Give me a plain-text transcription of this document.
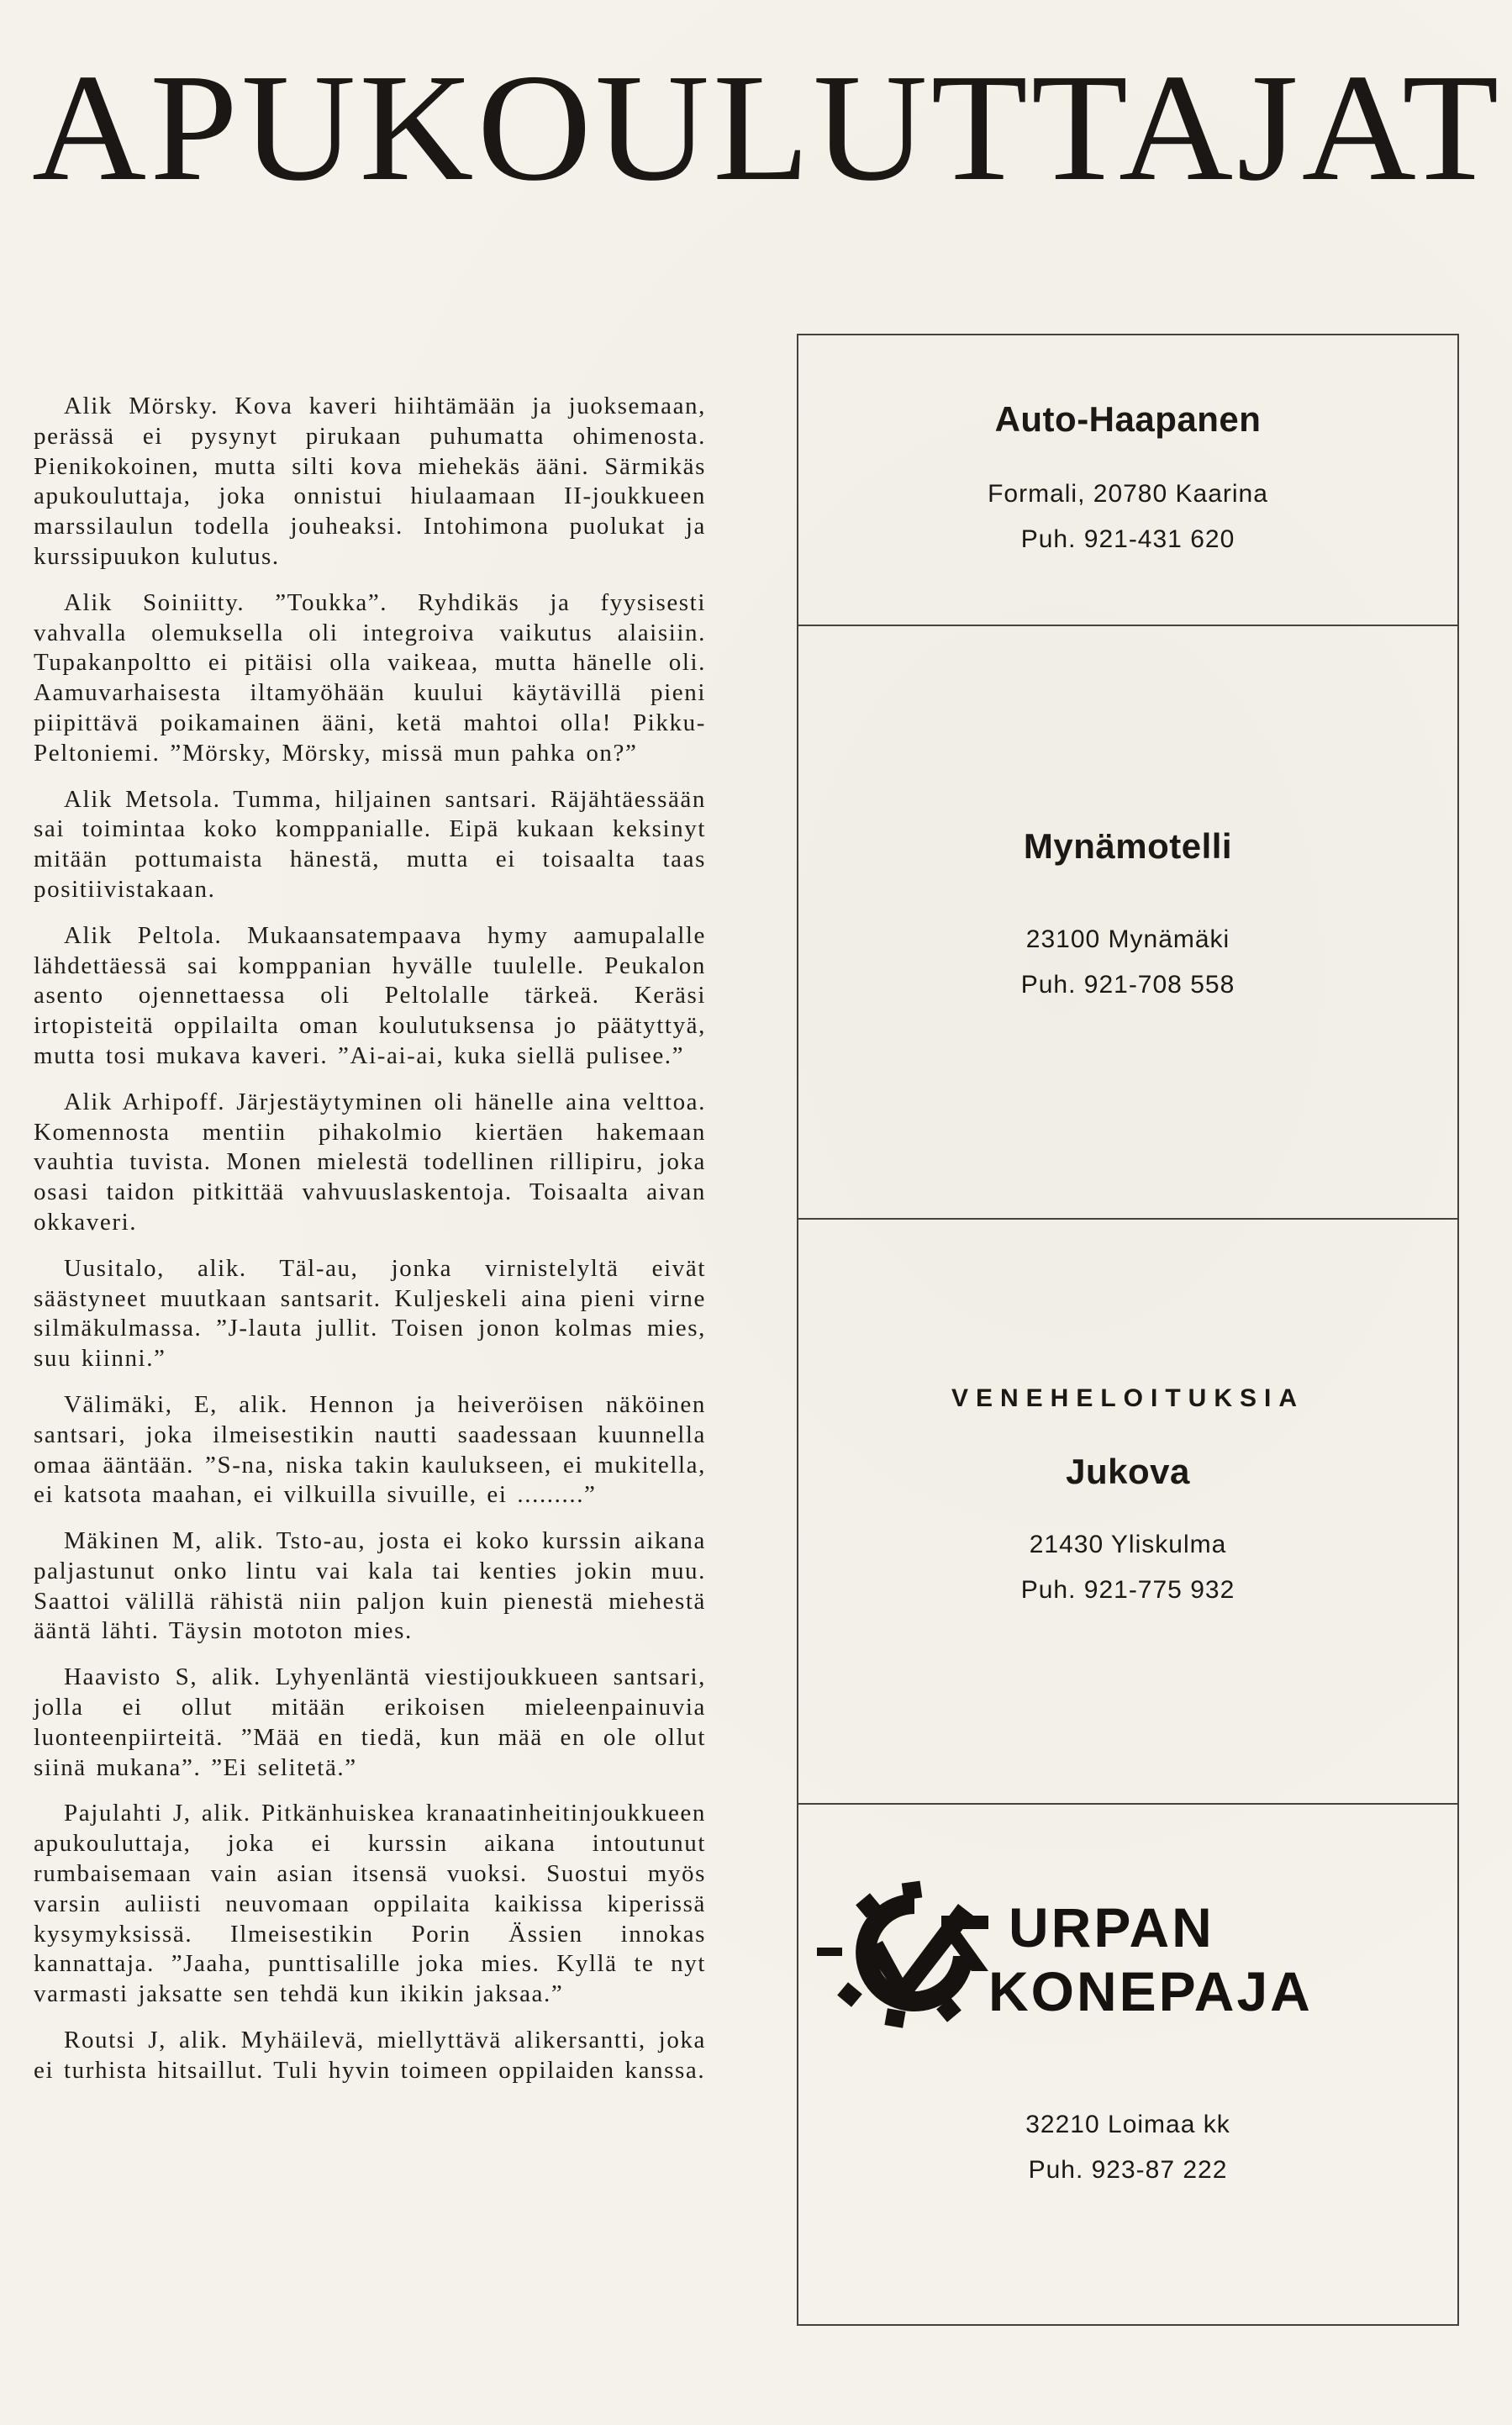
APUKOULUTTAJAT

Alik Mörsky. Kova kaveri hiihtämään ja juoksemaan, perässä ei pysynyt pirukaan puhumatta ohimenosta. Pienikokoinen, mutta silti kova miehekäs ääni. Särmikäs apukouluttaja, joka onnistui hiulaamaan II-joukkueen marssilaulun todella jouheaksi. Intohimona puolukat ja kurssipuukon kulutus.

Alik Soiniitty. ”Toukka”. Ryhdikäs ja fyysisesti vahvalla olemuksella oli integroiva vaikutus alaisiin. Tupakanpoltto ei pitäisi olla vaikeaa, mutta hänelle oli. Aamuvarhaisesta iltamyöhään kuului käytävillä pieni piipittävä poikamainen ääni, ketä mahtoi olla! Pikku-Peltoniemi. ”Mörsky, Mörsky, missä mun pahka on?”

Alik Metsola. Tumma, hiljainen santsari. Räjähtäessään sai toimintaa koko komppanialle. Eipä kukaan keksinyt mitään pottumaista hänestä, mutta ei toisaalta taas positiivistakaan.

Alik Peltola. Mukaansatempaava hymy aamupalalle lähdettäessä sai komppanian hyvälle tuulelle. Peukalon asento ojennettaessa oli Peltolalle tärkeä. Keräsi irtopisteitä oppilailta oman koulutuksensa jo päätyttyä, mutta tosi mukava kaveri. ”Ai-ai-ai, kuka siellä pulisee.”

Alik Arhipoff. Järjestäytyminen oli hänelle aina velttoa. Komennosta mentiin pihakolmio kiertäen hakemaan vauhtia tuvista. Monen mielestä todellinen rillipiru, joka osasi taidon pitkittää vahvuuslaskentoja. Toisaalta aivan okkaveri.

Uusitalo, alik. Täl-au, jonka virnistelyltä eivät säästyneet muutkaan santsarit. Kuljeskeli aina pieni virne silmäkulmassa. ”J-lauta jullit. Toisen jonon kolmas mies, suu kiinni.”

Välimäki, E, alik. Hennon ja heiveröisen näköinen santsari, joka ilmeisestikin nautti saadessaan kuunnella omaa ääntään. ”S-na, niska takin kaulukseen, ei mukitella, ei katsota maahan, ei vilkuilla sivuille, ei .........”

Mäkinen M, alik. Tsto-au, josta ei koko kurssin aikana paljastunut onko lintu vai kala tai kenties jokin muu. Saattoi välillä rähistä niin paljon kuin pienestä miehestä ääntä lähti. Täysin mototon mies.

Haavisto S, alik. Lyhyenläntä viestijoukkueen santsari, jolla ei ollut mitään erikoisen mieleenpainuvia luonteenpiirteitä. ”Mää en tiedä, kun mää en ole ollut siinä mukana”. ”Ei selitetä.”

Pajulahti J, alik. Pitkänhuiskea kranaatinheitinjoukkueen apukouluttaja, joka ei kurssin aikana intoutunut rumbaisemaan vain asian itsensä vuoksi. Suostui myös varsin auliisti neuvomaan oppilaita kaikissa kiperissä kysymyksissä. Ilmeisestikin Porin Ässien innokas kannattaja. ”Jaaha, punttisalille joka mies. Kyllä te nyt varmasti jaksatte sen tehdä kun ikikin jaksaa.”

Routsi J, alik. Myhäilevä, miellyttävä alikersantti, joka ei turhista hitsaillut. Tuli hyvin toimeen oppilaiden kanssa.

Auto-Haapanen
Formali, 20780 Kaarina
Puh. 921-431 620
Mynämotelli
23100 Mynämäki
Puh. 921-708 558
VENEHELOITUKSIA
Jukova
21430 Yliskulma
Puh. 921-775 932
URPAN
KONEPAJA
32210 Loimaa kk
Puh. 923-87 222
